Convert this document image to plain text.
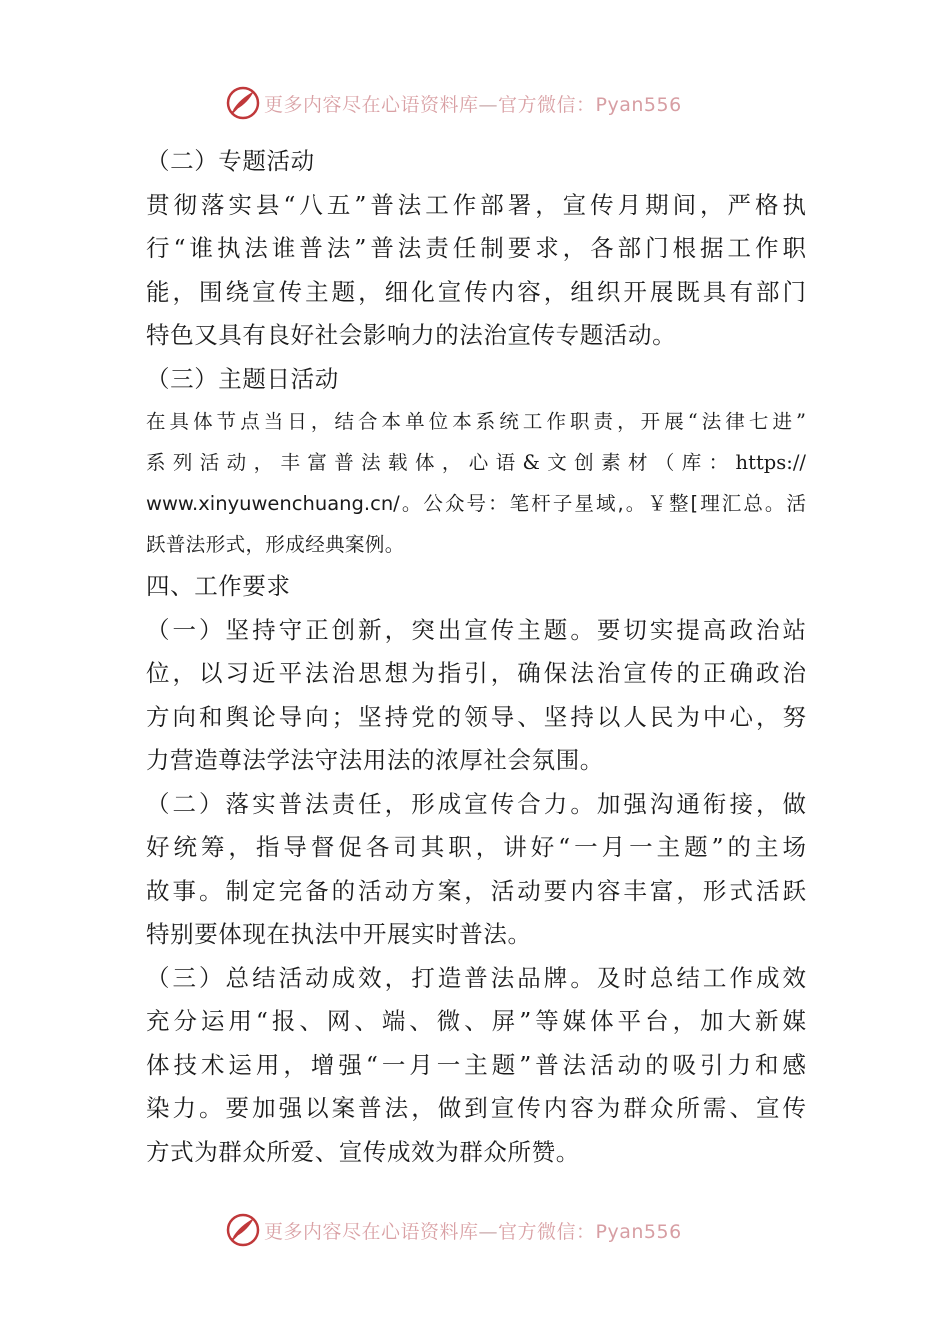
更多内容尽在心语资料库—官方微信：Pyan556
（二）专题活动
贯彻落实县“八五”普法工作部署，宣传月期间，严格执
行“谁执法谁普法”普法责任制要求，各部门根据工作职
能，围绕宣传主题，细化宣传内容，组织开展既具有部门
特色又具有良好社会影响力的法治宣传专题活动。
（三）主题日活动
在具体节点当日，结合本单位本系统工作职责，开展“法律七进”
系列活动，丰富普法载体，心语&文创素材（库：https://
www.xinyuwenchuang.cn/。公众号：笔杆子星域,。￥整[理汇总。活
跃普法形式，形成经典案例。
四、工作要求
（一）坚持守正创新，突出宣传主题。要切实提高政治站
位，以习近平法治思想为指引，确保法治宣传的正确政治
方向和舆论导向；坚持党的领导、坚持以人民为中心，努
力营造尊法学法守法用法的浓厚社会氛围。
（二）落实普法责任，形成宣传合力。加强沟通衔接，做
好统筹，指导督促各司其职，讲好“一月一主题”的主场
故事。制定完备的活动方案，活动要内容丰富，形式活跃
特别要体现在执法中开展实时普法。
（三）总结活动成效，打造普法品牌。及时总结工作成效
充分运用“报、网、端、微、屏”等媒体平台，加大新媒
体技术运用，增强“一月一主题”普法活动的吸引力和感
染力。要加强以案普法，做到宣传内容为群众所需、宣传
方式为群众所爱、宣传成效为群众所赞。
更多内容尽在心语资料库—官方微信：Pyan556
